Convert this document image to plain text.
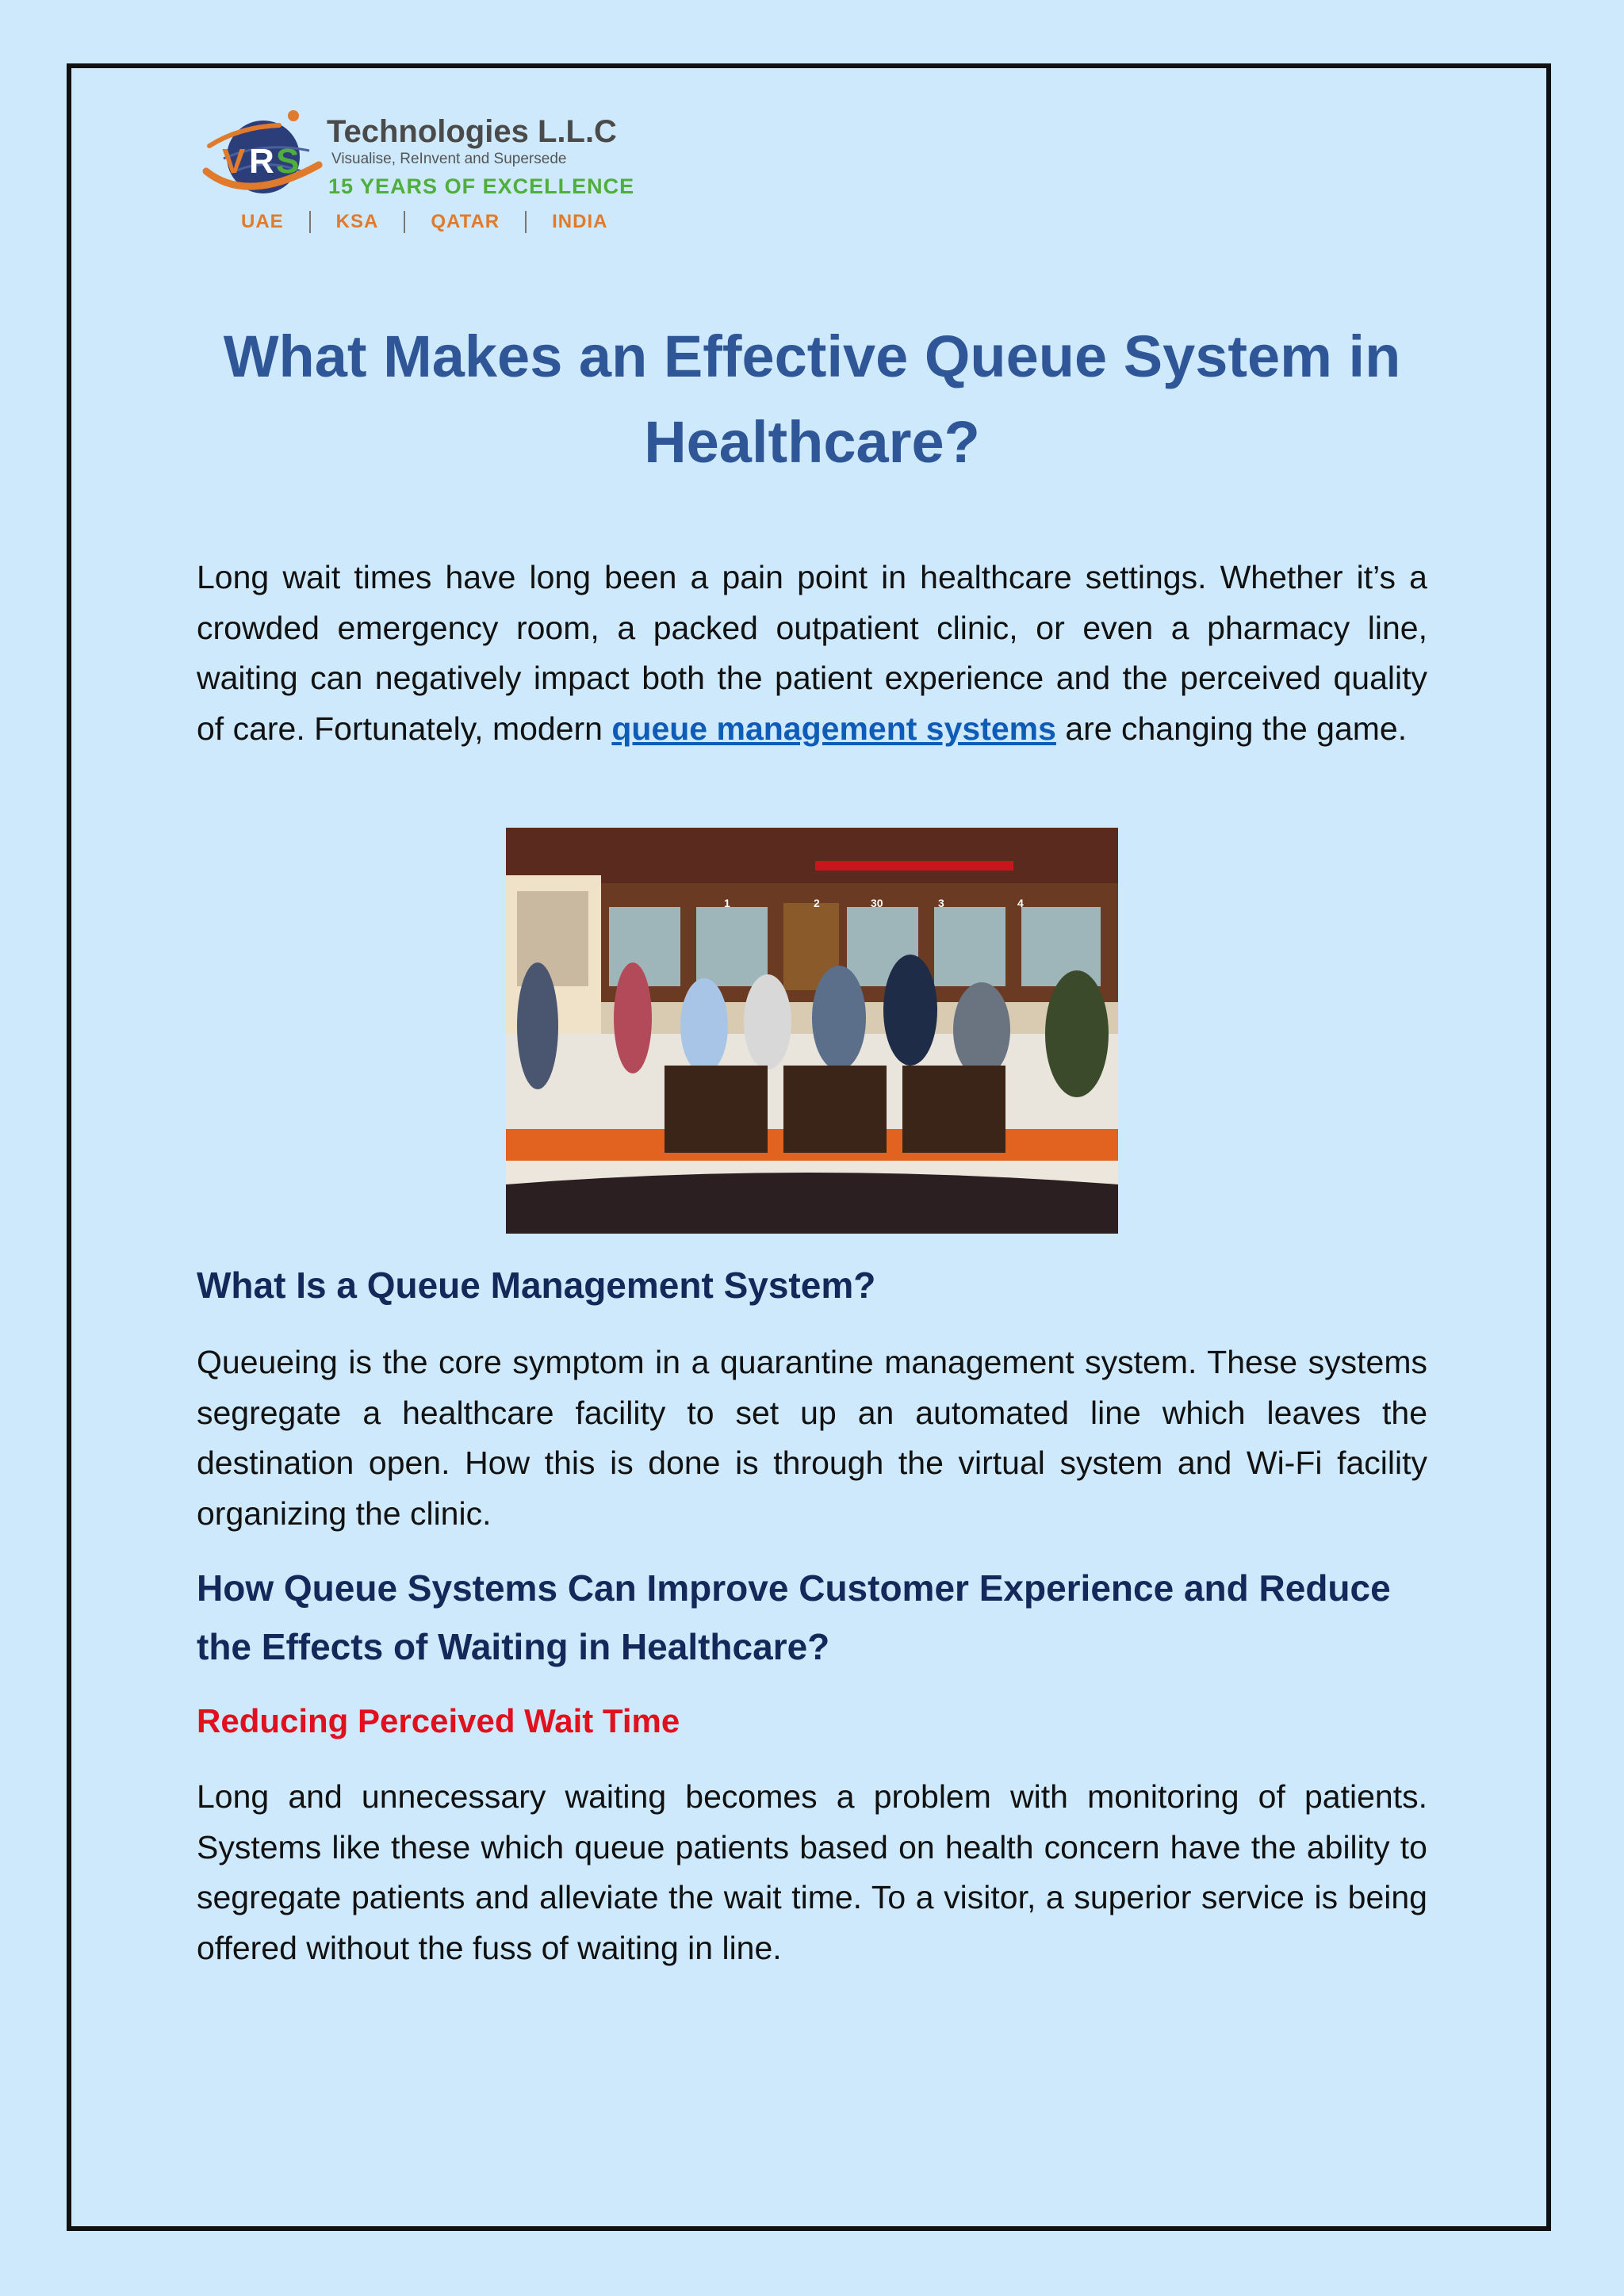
V R S
Technologies L.L.C
Visualise, ReInvent and Supersede
15 YEARS OF EXCELLENCE
UAE	KSA	QATAR	INDIA
What Makes an Effective Queue System in Healthcare?

Long wait times have long been a pain point in healthcare settings. Whether it’s a crowded emergency room, a packed outpatient clinic, or even a pharmacy line, waiting can negatively impact both the patient experience and the perceived quality of care. Fortunately, modern queue management systems are changing the game.

1	2	30	3	4
What Is a Queue Management System?

Queueing is the core symptom in a quarantine management system. These systems segregate a healthcare facility to set up an automated line which leaves the destination open. How this is done is through the virtual system and Wi-Fi facility organizing the clinic.

How Queue Systems Can Improve Customer Experience and Reduce the Effects of Waiting in Healthcare?
Reducing Perceived Wait Time

Long and unnecessary waiting becomes a problem with monitoring of patients. Systems like these which queue patients based on health concern have the ability to segregate patients and alleviate the wait time. To a visitor, a superior service is being offered without the fuss of waiting in line.
